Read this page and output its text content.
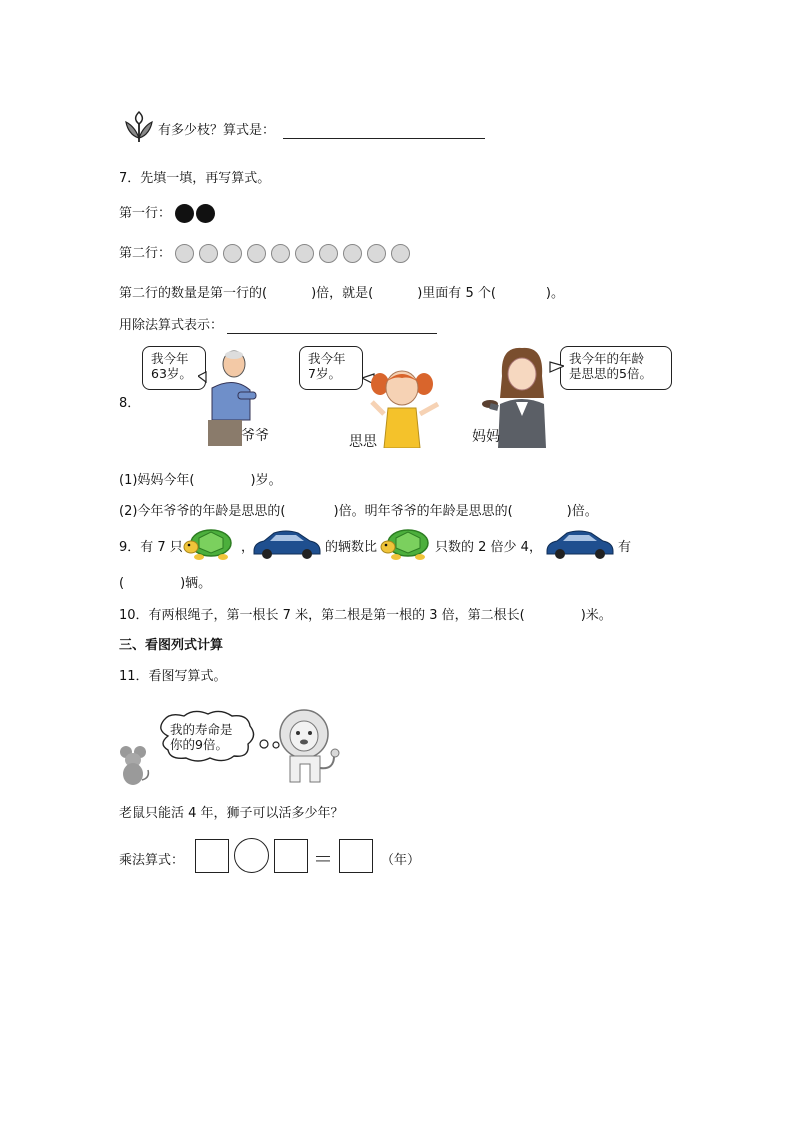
有多少枝？算式是：
7．先填一填，再写算式。
第一行：
第二行：
第二行的数量是第一行的(	)倍，就是(	)里面有 5 个(	)。
用除法算式表示：
8．
我今年
63岁。
爷爷
我今年
7岁。
思思
我今年的年龄
是思思的5倍。
妈妈
(1)妈妈今年(	)岁。
(2)今年爷爷的年龄是思思的(	)倍。明年爷爷的年龄是思思的(	)倍。
9．有 7 只	，	的辆数比	只数的 2 倍少 4，	有
(	)辆。
10．有两根绳子，第一根长 7 米，第二根是第一根的 3 倍，第二根长(	)米。
三、看图列式计算
11．看图写算式。
我的寿命是
你的9倍。
老鼠只能活 4 年，狮子可以活多少年？
乘法算式：	＝	（年）
